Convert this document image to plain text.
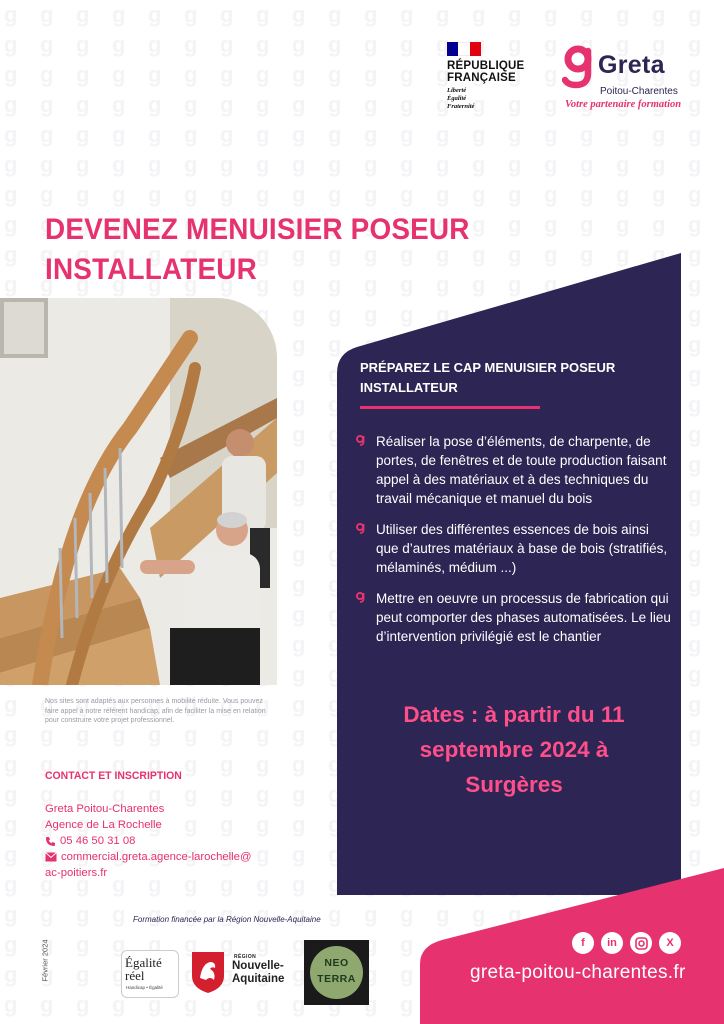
RÉPUBLIQUE
FRANÇAISE
Liberté
Égalité
Fraternité
Greta
Poitou-Charentes
Votre partenaire formation
DEVENEZ MENUISIER POSEUR
INSTALLATEUR
Nos sites sont adaptés aux personnes à mobilité réduite. Vous pouvez faire appel à notre référent handicap, afin de faciliter la mise en relation pour construire votre projet professionnel.
PRÉPAREZ LE CAP MENUISIER POSEUR
INSTALLATEUR
Réaliser la pose d’éléments, de charpente, de portes, de fenêtres et de toute production faisant appel à des matériaux et à des techniques du travail mécanique et manuel du bois
Utiliser des différentes essences de bois ainsi que d’autres matériaux à base de bois (stratifiés, mélaminés, médium ...)
Mettre en oeuvre un processus de fabrication qui peut comporter des phases automatisées. Le lieu d’intervention privilégié est le chantier
Dates : à partir du 11
septembre 2024 à
Surgères
CONTACT ET INSCRIPTION
Greta Poitou-Charentes
Agence de La Rochelle
05 46 50 31 08
commercial.greta.agence-larochelle@
ac-poitiers.fr
Formation financée par la Région Nouvelle-Aquitaine
Février 2024	Égalité
réel
Handicap • Égalité
RÉGION
Nouvelle-
Aquitaine
NEO
TERRA
f	in	X
greta-poitou-charentes.fr
